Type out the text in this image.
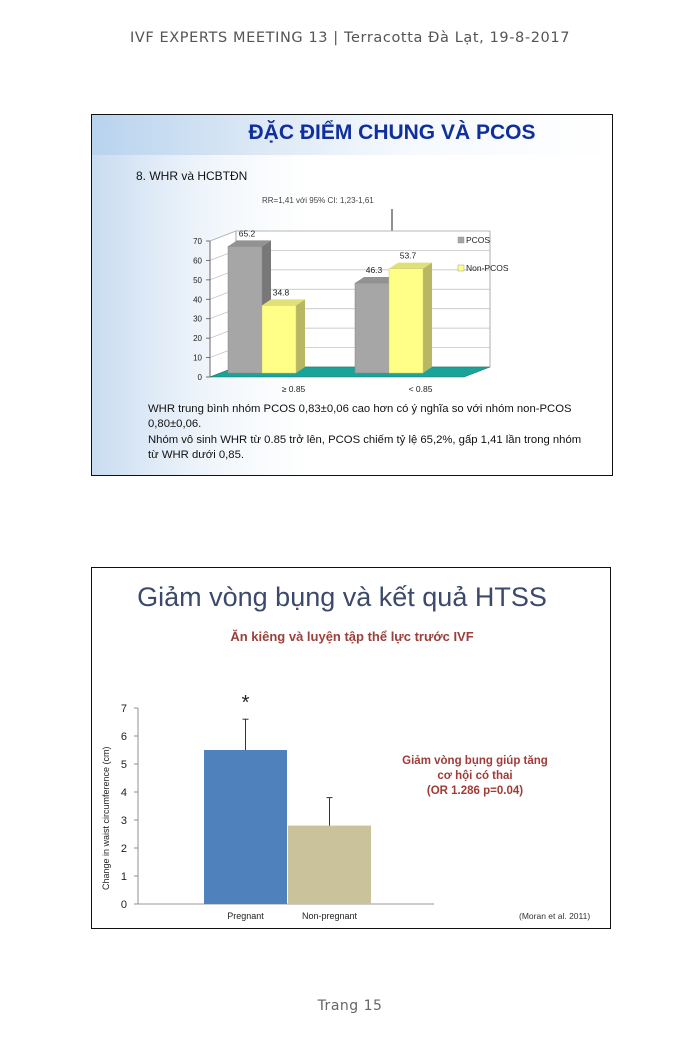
IVF EXPERTS MEETING 13 | Terracotta Đà Lạt, 19-8-2017
ĐẶC ĐIỂM CHUNG VÀ PCOS
8. WHR và HCBTĐN
RR=1,41 với 95% CI: 1,23-1,61
0
10
20
30
40
50
60
70
65.2
34.8
≥ 0.85
46.3
53.7
< 0.85
PCOS
Non-PCOS
WHR trung bình nhóm PCOS 0,83±0,06 cao hơn có ý nghĩa so với nhóm non-PCOS 0,80±0,06.
Nhóm vô sinh WHR từ 0.85 trở lên, PCOS chiếm tỷ lệ 65,2%, gấp 1,41 lần trong nhóm từ WHR dưới 0,85.
Giảm vòng bụng và kết quả HTSS
Ăn kiêng và luyện tập thể lực trước IVF
Change in waist circumference (cm)
0
1
2
3
4
5
6
7
Pregnant	Non-pregnant
*
Giảm vòng bụng giúp tăng
cơ hội có thai
(OR 1.286 p=0.04)
(Moran et al. 2011)
Trang 15
